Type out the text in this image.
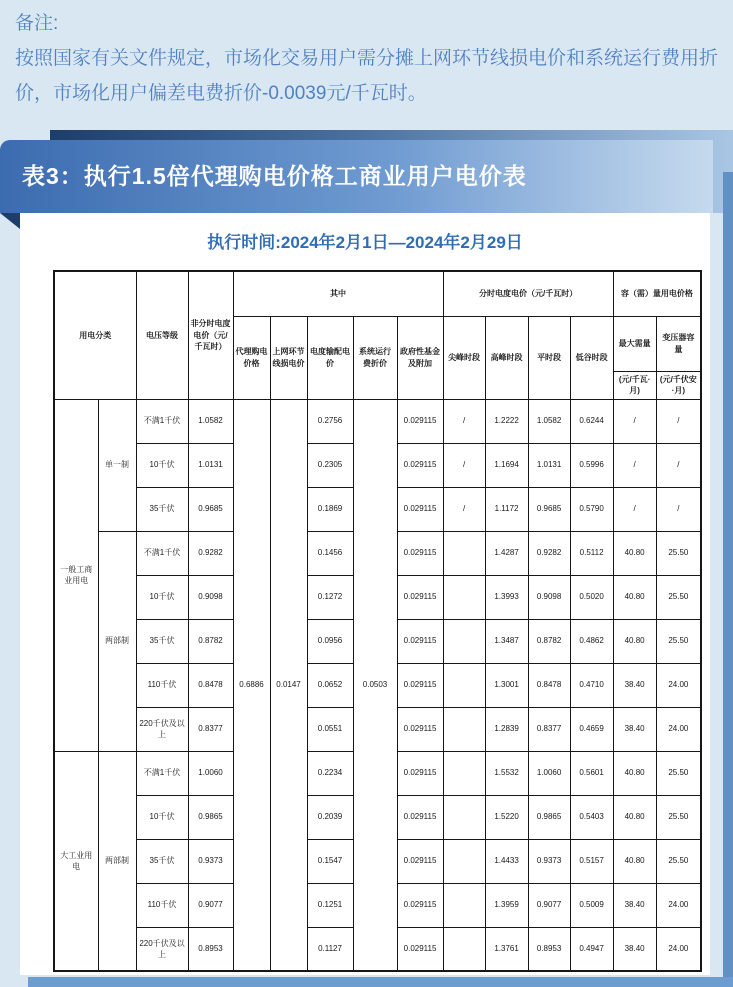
备注:
按照国家有关文件规定，市场化交易用户需分摊上网环节线损电价和系统运行费用折价，市场化用户偏差电费折价-0.0039元/千瓦时。
表3：执行1.5倍代理购电价格工商业用户电价表
执行时间:2024年2月1日—2024年2月29日
用电分类		电压等级	非分时电度电价（元/千瓦时）	其中					分时电度电价（元/千瓦时）				容（需）量用电价格	
				代理购电价格	上网环节线损电价	电度输配电价	系统运行费折价	政府性基金及附加	尖峰时段	高峰时段	平时段	低谷时段	最大需量	变压器容量
													(元/千瓦·月)	(元/千伏安·月)
一般工商业用电	单一制	不满1千伏	1.0582	0.6886	0.0147	0.2756	0.0503	0.029115	/	1.2222	1.0582	0.6244	/	/
		10千伏	1.0131			0.2305		0.029115	/	1.1694	1.0131	0.5996	/	/
		35千伏	0.9685			0.1869		0.029115	/	1.1172	0.9685	0.5790	/	/
	两部制	不满1千伏	0.9282			0.1456		0.029115		1.4287	0.9282	0.5112	40.80	25.50
		10千伏	0.9098			0.1272		0.029115		1.3993	0.9098	0.5020	40.80	25.50
		35千伏	0.8782			0.0956		0.029115		1.3487	0.8782	0.4862	40.80	25.50
		110千伏	0.8478			0.0652		0.029115		1.3001	0.8478	0.4710	38.40	24.00
		220千伏及以上	0.8377			0.0551		0.029115		1.2839	0.8377	0.4659	38.40	24.00
大工业用电	两部制	不满1千伏	1.0060			0.2234		0.029115		1.5532	1.0060	0.5601	40.80	25.50
		10千伏	0.9865			0.2039		0.029115		1.5220	0.9865	0.5403	40.80	25.50
		35千伏	0.9373			0.1547		0.029115		1.4433	0.9373	0.5157	40.80	25.50
		110千伏	0.9077			0.1251		0.029115		1.3959	0.9077	0.5009	38.40	24.00
		220千伏及以上	0.8953			0.1127		0.029115		1.3761	0.8953	0.4947	38.40	24.00
